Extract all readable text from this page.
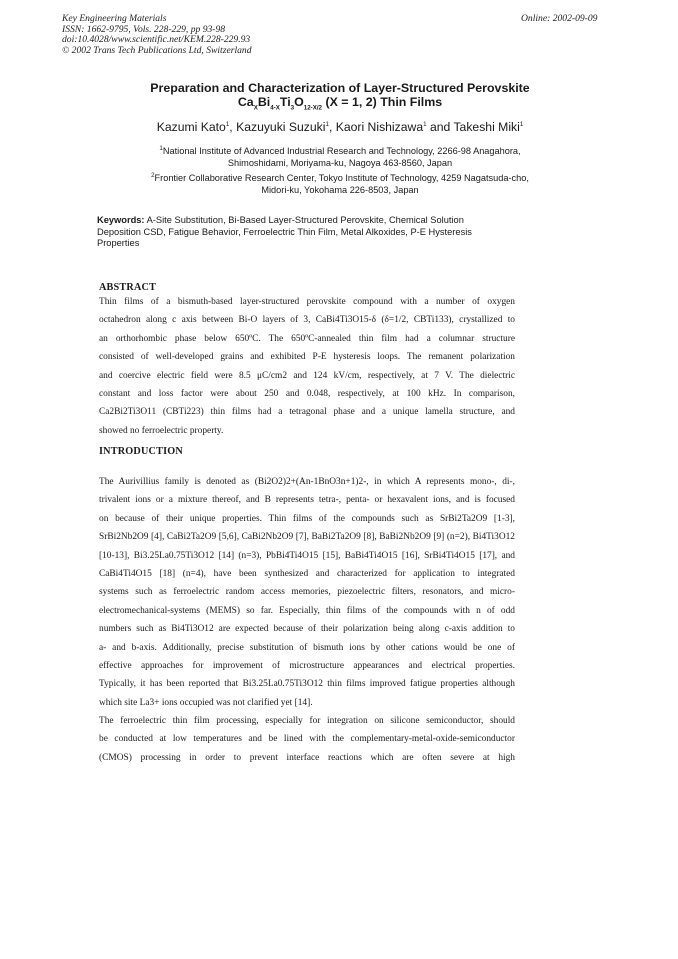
Key Engineering Materials
ISSN: 1662-9795, Vols. 228-229, pp 93-98
doi:10.4028/www.scientific.net/KEM.228-229.93
© 2002 Trans Tech Publications Ltd, Switzerland
Online: 2002-09-09
Preparation and Characterization of Layer-Structured Perovskite
$Ca_XBi_{4-X}Ti_3O_{12-X/2}$ (X = 1, 2) Thin Films
Kazumi Kato$^1$, Kazuyuki Suzuki$^1$, Kaori Nishizawa$^1$ and Takeshi Miki$^1$
$^1$National Institute of Advanced Industrial Research and Technology, 2266-98 Anagahora,
Shimoshidami, Moriyama-ku, Nagoya 463-8560, Japan
$^2$Frontier Collaborative Research Center, Tokyo Institute of Technology, 4259 Nagatsuda-cho,
Midori-ku, Yokohama 226-8503, Japan
Keywords: A-Site Substitution, Bi-Based Layer-Structured Perovskite, Chemical Solution
Deposition CSD, Fatigue Behavior, Ferroelectric Thin Film, Metal Alkoxides, P-E Hysteresis
Properties
ABSTRACT
Thin films of a bismuth-based layer-structured perovskite compound with a number of oxygen
octahedron along c axis between Bi-O layers of 3, CaBi4Ti3O15-δ (δ=1/2, CBTi133), crystallized to
an orthorhombic phase below 650ºC. The 650ºC-annealed thin film had a columnar structure
consisted of well-developed grains and exhibited P-E hysteresis loops. The remanent polarization
and coercive electric field were 8.5 μC/cm2 and 124 kV/cm, respectively, at 7 V. The dielectric
constant and loss factor were about 250 and 0.048, respectively, at 100 kHz. In comparison,
Ca2Bi2Ti3O11 (CBTi223) thin films had a tetragonal phase and a unique lamella structure, and
showed no ferroelectric property.
INTRODUCTION
The Aurivillius family is denoted as (Bi2O2)2+(An-1BnO3n+1)2-, in which A represents mono-, di-,
trivalent ions or a mixture thereof, and B represents tetra-, penta- or hexavalent ions, and is focused
on because of their unique properties. Thin films of the compounds such as SrBi2Ta2O9 [1-3],
SrBi2Nb2O9 [4], CaBi2Ta2O9 [5,6], CaBi2Nb2O9 [7], BaBi2Ta2O9 [8], BaBi2Nb2O9 [9] (n=2), Bi4Ti3O12
[10-13], Bi3.25La0.75Ti3O12 [14] (n=3), PbBi4Ti4O15 [15], BaBi4Ti4O15 [16], SrBi4Ti4O15 [17], and
CaBi4Ti4O15 [18] (n=4), have been synthesized and characterized for application to integrated
systems such as ferroelectric random access memories, piezoelectric filters, resonators, and micro-
electromechanical-systems (MEMS) so far. Especially, thin films of the compounds with n of odd
numbers such as Bi4Ti3O12 are expected because of their polarization being along c-axis addition to
a- and b-axis. Additionally, precise substitution of bismuth ions by other cations would be one of
effective approaches for improvement of microstructure appearances and electrical properties.
Typically, it has been reported that Bi3.25La0.75Ti3O12 thin films improved fatigue properties although
which site La3+ ions occupied was not clarified yet [14].
The ferroelectric thin film processing, especially for integration on silicone semiconductor, should
be conducted at low temperatures and be lined with the complementary-metal-oxide-semiconductor
(CMOS) processing in order to prevent interface reactions which are often severe at high
